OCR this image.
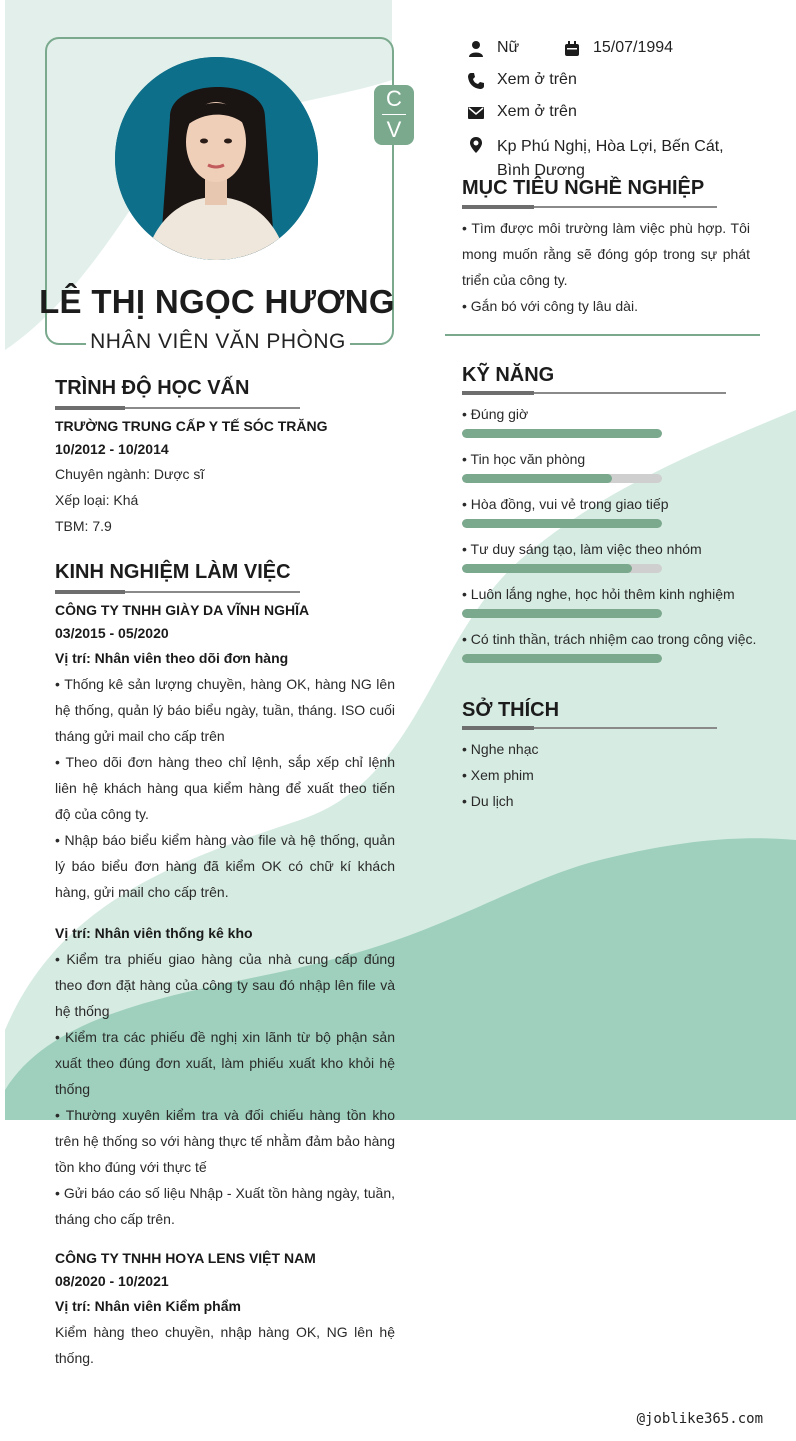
C
V
LÊ THỊ NGỌC HƯƠNG
NHÂN VIÊN VĂN PHÒNG
Nữ	15/07/1994
Xem ở trên
Xem ở trên
Kp Phú Nghị, Hòa Lợi, Bến Cát,
Bình Dương
TRÌNH ĐỘ HỌC VẤN
TRƯỜNG TRUNG CẤP Y TẾ SÓC TRĂNG
10/2012 - 10/2014
Chuyên ngành: Dược sĩ
Xếp loại: Khá
TBM: 7.9
KINH NGHIỆM LÀM VIỆC
CÔNG TY TNHH GIÀY DA VĨNH NGHĨA
03/2015 - 05/2020
Vị trí: Nhân viên theo dõi đơn hàng
• Thống kê sản lượng chuyền, hàng OK, hàng NG lên hệ thống, quản lý báo biểu ngày, tuần, tháng. ISO cuối tháng gửi mail cho cấp trên
• Theo dõi đơn hàng theo chỉ lệnh, sắp xếp chỉ lệnh liên hệ khách hàng qua kiểm hàng để xuất theo tiến độ của công ty.
• Nhập báo biểu kiểm hàng vào file và hệ thống, quản lý báo biểu đơn hàng đã kiểm OK có chữ kí khách hàng, gửi mail cho cấp trên.
Vị trí: Nhân viên thống kê kho
• Kiểm tra phiếu giao hàng của nhà cung cấp đúng theo đơn đặt hàng của công ty sau đó nhập lên file và hệ thống
• Kiểm tra các phiếu đề nghị xin lãnh từ bộ phận sản xuất theo đúng đơn xuất, làm phiếu xuất kho khỏi hệ thống
• Thường xuyên kiểm tra và đối chiếu hàng tồn kho trên hệ thống so với hàng thực tế nhằm đảm bảo hàng tồn kho đúng với thực tế
• Gửi báo cáo số liệu Nhập - Xuất tồn hàng ngày, tuần, tháng cho cấp trên.
CÔNG TY TNHH HOYA LENS VIỆT NAM
08/2020 - 10/2021
Vị trí: Nhân viên Kiểm phẩm
Kiểm hàng theo chuyền, nhập hàng OK, NG lên hệ thống.
MỤC TIÊU NGHỀ NGHIỆP
• Tìm được môi trường làm việc phù hợp. Tôi mong muốn rằng sẽ đóng góp trong sự phát triển của công ty.
• Gắn bó với công ty lâu dài.
KỸ NĂNG
• Đúng giờ
• Tin học văn phòng
• Hòa đồng, vui vẻ trong giao tiếp
• Tư duy sáng tạo, làm việc theo nhóm
• Luôn lắng nghe, học hỏi thêm kinh nghiệm
• Có tinh thần, trách nhiệm cao trong công việc.
SỞ THÍCH
• Nghe nhạc
• Xem phim
• Du lịch
@joblike365.com
